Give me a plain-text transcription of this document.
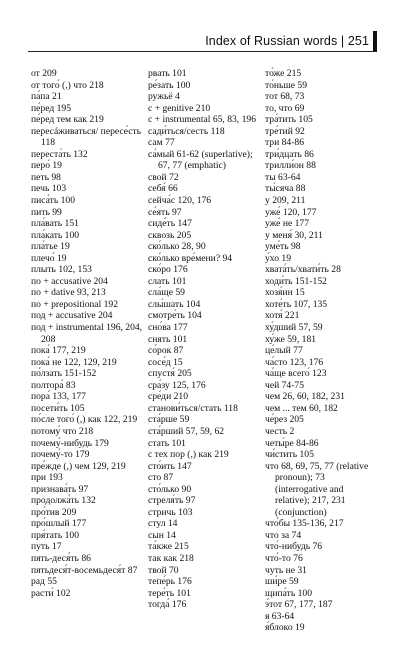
Index of Russian words | 251

от 209

от того́ (,) что 218

па́па 21

пе́ред 195

пе́ред тем как 219

пересáживаться/ пересе́сть 118

переста́ть 132

перо́ 19

петь 98

печь 103

писа́ть 100

пить 99

пла́вать 151

пла́кать 100

пла́тье 19

плечо́ 19

плыть 102, 153

по + accusative 204

по + dative 93, 213

по + prepositional 192

под + accusative 204

под + instrumental 196, 204, 208

пока́ 177, 219

пока́ не 122, 129, 219

по́лзать 151-152

полтора́ 83

пора́ 133, 177

посети́ть 105

по́сле того́ (,) как 122, 219

потому́ что 218

почему́-нибудь 179

почему́-то 179

пре́жде (,) чем 129, 219

при 193

признава́ть 97

продолжа́ть 132

про́тив 209

про́шлый 177

пря́тать 100

путь 17

пять-деся́ть 86

пятьдеся́т-восемьдеся́т 87

рад 55

расти́ 102

рвать 101

ре́зать 100

ружьё 4

с + genitive 210

с + instrumental 65, 83, 196

сади́ться/сесть 118

сам 77

са́мый 61-62 (superlative); 67, 77 (emphatic)

свой 72

себя́ 66

сейча́с 120, 176

се́ять 97

сиде́ть 147

сквозь 205

ско́лько 28, 90

ско́лько вре́мени? 94

ско́ро 176

слать 101

сла́ще 59

слы́шать 104

смотре́ть 104

сно́ва 177

снять 101

со́рок 87

сосе́д 15

спустя́ 205

сра́зу 125, 176

сре́ди 210

станови́ться/стать 118

ста́рше 59

ста́рший 57, 59, 62

стать 101

с тех пор (,) как 219

сто́ить 147

сто 87

сто́лько 90

стреля́ть 97

стричь 103

стул 14

сын 14

та́кже 215

так как 218

твой 70

тепе́рь 176

тере́ть 101

тогда́ 176

то́же 215

то́ньше 59

тот 68, 73

то, что 69

тра́тить 105

тре́тий 92

три 84-86

три́дцать 86

трилли́он 88

ты 63-64

ты́сяча 88

у 209, 211

уже́ 120, 177

уже́ не 177

у меня́ 30, 211

уме́ть 98

у́хо 19

хвата́ть/хвати́ть 28

ходи́ть 151-152

хозя́ин 15

хоте́ть 107, 135

хотя́ 221

ху́дший 57, 59

ху́же 59, 181

це́лый 77

ча́сто 123, 176

ча́ще всего́ 123

чей 74-75

чем 26, 60, 182, 231

чем ... тем 60, 182

че́рез 205

честь 2

четы́ре 84-86

чи́стить 105

что 68, 69, 75, 77 (relative pronoun); 73 (interrogative and relative); 217, 231 (conjunction)

что́бы 135-136, 217

что за 74

что́-нибудь 76

что́-то 76

чуть не 31

ши́ре 59

щипа́ть 100

э́тот 67, 177, 187

я 63-64

я́блоко 19
